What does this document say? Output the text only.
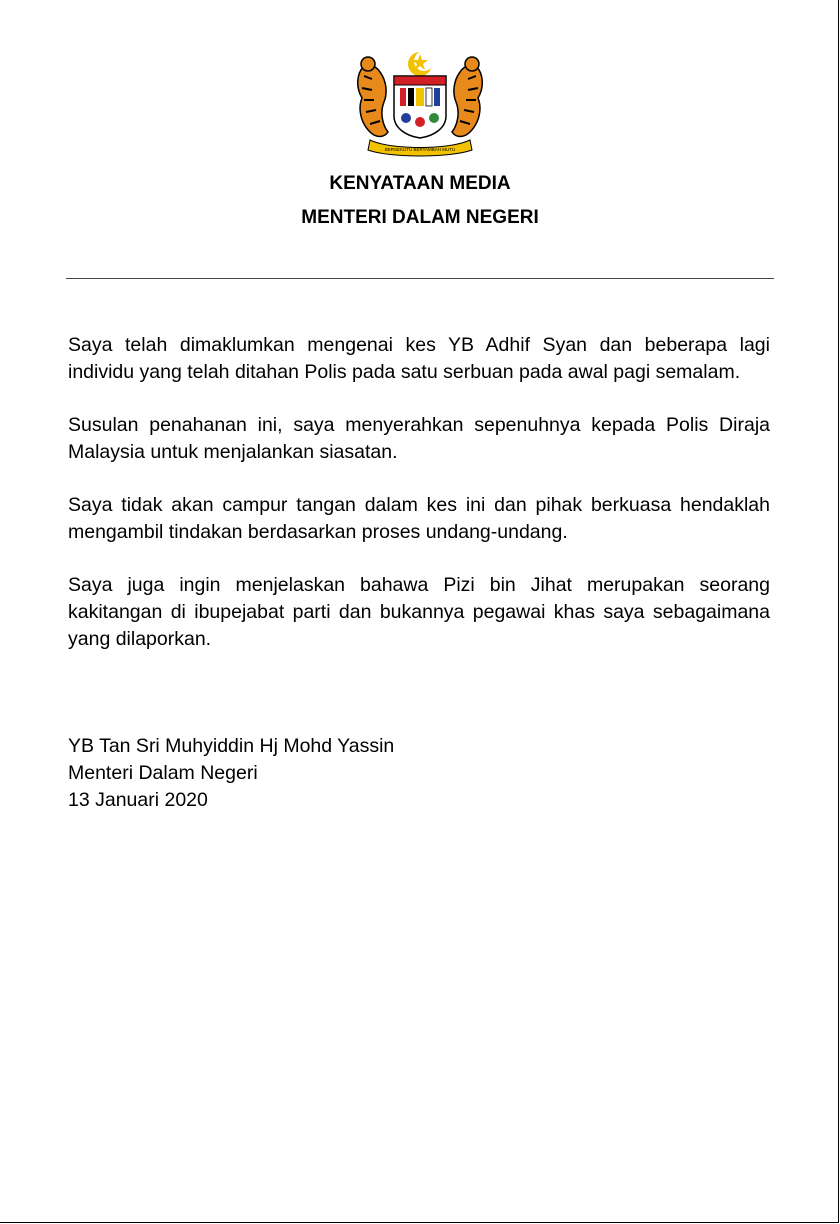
BERSEKUTU BERTAMBAH MUTU
KENYATAAN MEDIA
MENTERI DALAM NEGERI

Saya telah dimaklumkan mengenai kes YB Adhif Syan dan beberapa lagi individu yang telah ditahan Polis pada satu serbuan pada awal pagi semalam.

Susulan penahanan ini, saya menyerahkan sepenuhnya kepada Polis Diraja Malaysia untuk menjalankan siasatan.

Saya tidak akan campur tangan dalam kes ini dan pihak berkuasa hendaklah mengambil tindakan berdasarkan proses undang-undang.

Saya juga ingin menjelaskan bahawa Pizi bin Jihat merupakan seorang kakitangan di ibupejabat parti dan bukannya pegawai khas saya sebagaimana yang dilaporkan.

YB Tan Sri Muhyiddin Hj Mohd Yassin
Menteri Dalam Negeri
13 Januari 2020
